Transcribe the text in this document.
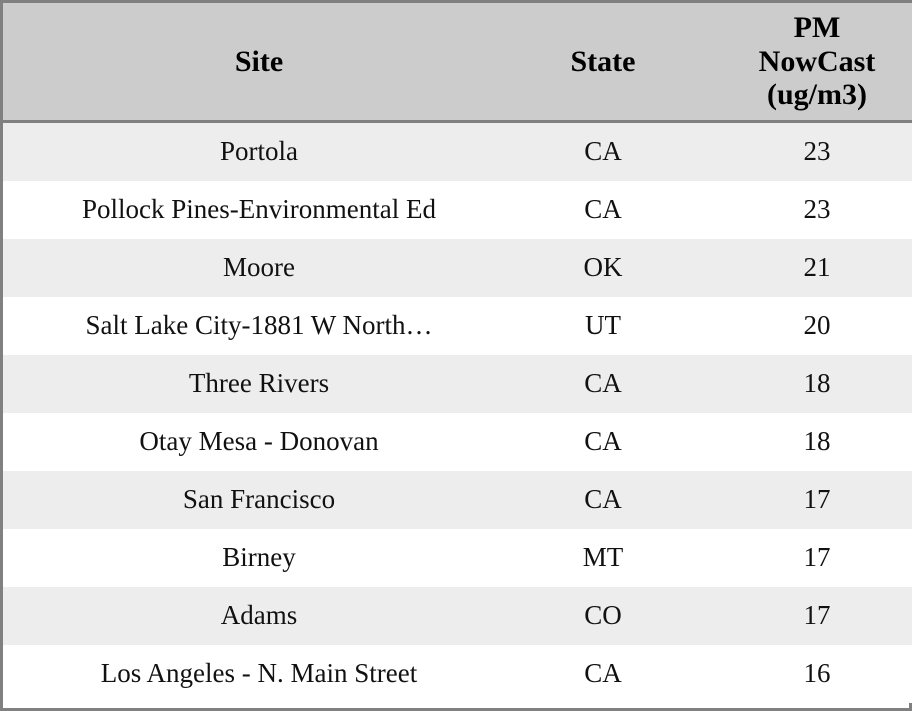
Site	State	PM
NowCast
(ug/m3)

Portola	CA	23
Pollock Pines-Environmental Ed	CA	23
Moore	OK	21
Salt Lake City-1881 W North…	UT	20
Three Rivers	CA	18
Otay Mesa - Donovan	CA	18
San Francisco	CA	17
Birney	MT	17
Adams	CO	17
Los Angeles - N. Main Street	CA	16
